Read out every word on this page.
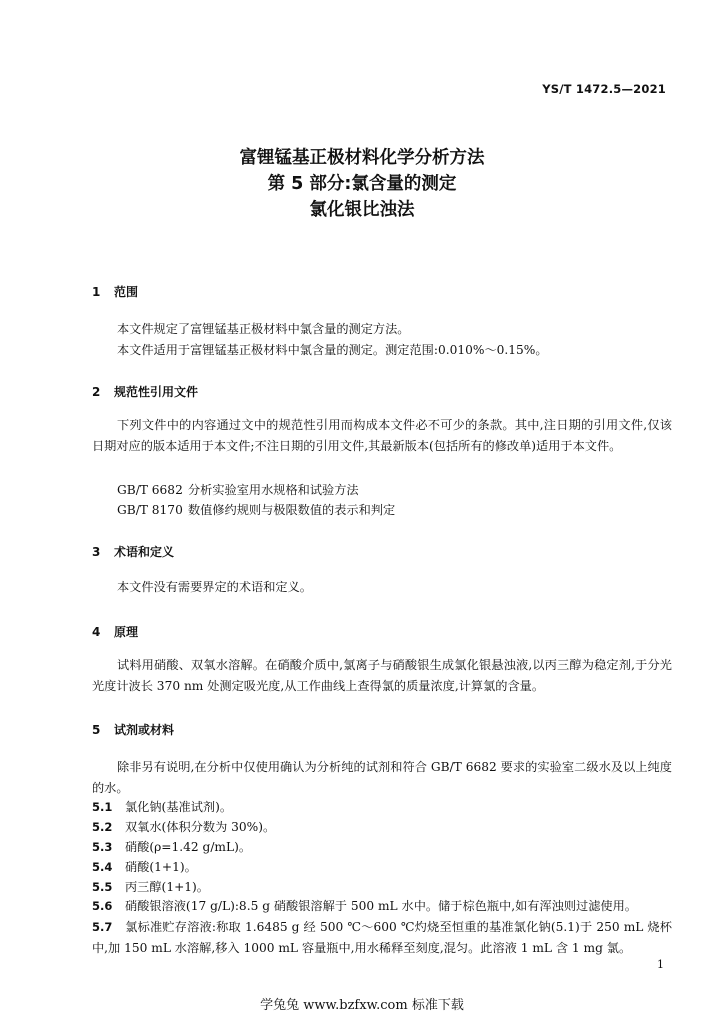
YS/T 1472.5—2021
富锂锰基正极材料化学分析方法
第 5 部分:氯含量的测定
氯化银比浊法
1 范围
本文件规定了富锂锰基正极材料中氯含量的测定方法。
本文件适用于富锂锰基正极材料中氯含量的测定。测定范围:0.010%～0.15%。
2 规范性引用文件
下列文件中的内容通过文中的规范性引用而构成本文件必不可少的条款。其中,注日期的引用文件,仅该日期对应的版本适用于本文件;不注日期的引用文件,其最新版本(包括所有的修改单)适用于本文件。
GB/T 6682 分析实验室用水规格和试验方法
GB/T 8170 数值修约规则与极限数值的表示和判定
3 术语和定义
本文件没有需要界定的术语和定义。
4 原理
试料用硝酸、双氧水溶解。在硝酸介质中,氯离子与硝酸银生成氯化银悬浊液,以丙三醇为稳定剂,于分光光度计波长 370 nm 处测定吸光度,从工作曲线上查得氯的质量浓度,计算氯的含量。
5 试剂或材料
除非另有说明,在分析中仅使用确认为分析纯的试剂和符合 GB/T 6682 要求的实验室二级水及以上纯度的水。
5.1 氯化钠(基准试剂)。
5.2 双氧水(体积分数为 30%)。
5.3 硝酸(ρ=1.42 g/mL)。
5.4 硝酸(1+1)。
5.5 丙三醇(1+1)。
5.6 硝酸银溶液(17 g/L):8.5 g 硝酸银溶解于 500 mL 水中。储于棕色瓶中,如有浑浊则过滤使用。
5.7 氯标准贮存溶液:称取 1.6485 g 经 500 ℃～600 ℃灼烧至恒重的基准氯化钠(5.1)于 250 mL 烧杯中,加 150 mL 水溶解,移入 1000 mL 容量瓶中,用水稀释至刻度,混匀。此溶液 1 mL 含 1 mg 氯。
1
学兔兔 www.bzfxw.com 标准下载
